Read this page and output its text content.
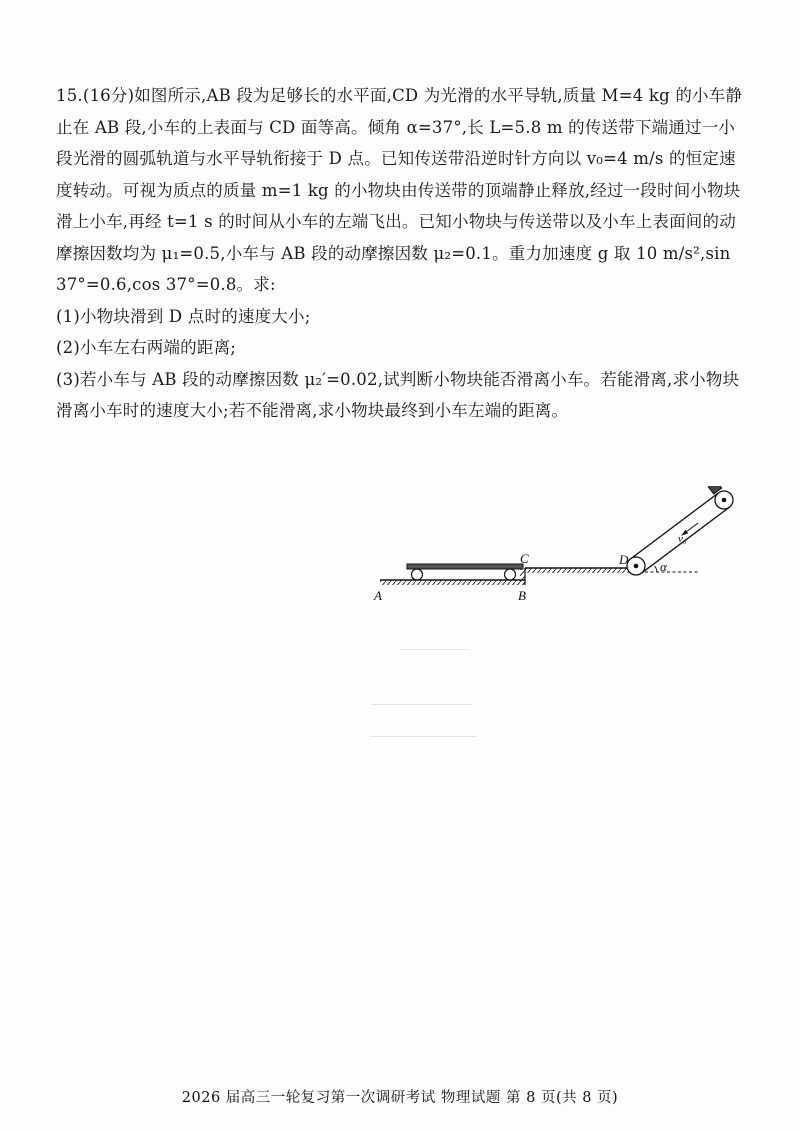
15.(16分)如图所示,AB 段为足够长的水平面,CD 为光滑的水平导轨,质量 M=4 kg 的小车静止在 AB 段,小车的上表面与 CD 面等高。倾角 α=37°,长 L=5.8 m 的传送带下端通过一小段光滑的圆弧轨道与水平导轨衔接于 D 点。已知传送带沿逆时针方向以 v₀=4 m/s 的恒定速度转动。可视为质点的质量 m=1 kg 的小物块由传送带的顶端静止释放,经过一段时间小物块滑上小车,再经 t=1 s 的时间从小车的左端飞出。已知小物块与传送带以及小车上表面间的动摩擦因数均为 μ₁=0.5,小车与 AB 段的动摩擦因数 μ₂=0.1。重力加速度 g 取 10 m/s²,sin 37°=0.6,cos 37°=0.8。求:

(1)小物块滑到 D 点时的速度大小;

(2)小车左右两端的距离;

(3)若小车与 AB 段的动摩擦因数 μ₂′=0.02,试判断小物块能否滑离小车。若能滑离,求小物块滑离小车时的速度大小;若不能滑离,求小物块最终到小车左端的距离。

A	B
C	D α
v₀
2026 届高三一轮复习第一次调研考试 物理试题 第 8 页(共 8 页)
